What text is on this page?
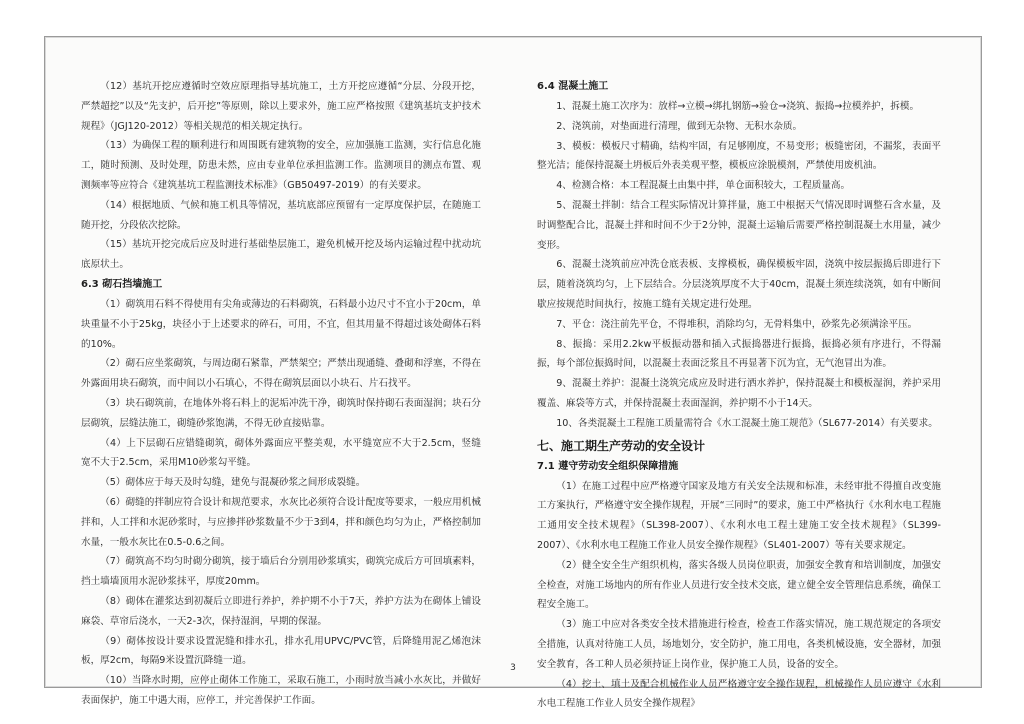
（12）基坑开挖应遵循时空效应原理指导基坑施工，土方开挖应遵循“分层、分段开挖，严禁超挖”以及“先支护，后开挖”等原则，除以上要求外，施工应严格按照《建筑基坑支护技术规程》（JGJ120-2012）等相关规范的相关规定执行。

（13）为确保工程的顺利进行和周围既有建筑物的安全，应加强施工监测，实行信息化施工，随时预测、及时处理，防患未然，应由专业单位承担监测工作。监测项目的测点布置、观测频率等应符合《建筑基坑工程监测技术标准》（GB50497-2019）的有关要求。

（14）根据地质、气候和施工机具等情况，基坑底部应预留有一定厚度保护层，在随施工随开挖，分段依次挖除。

（15）基坑开挖完成后应及时进行基础垫层施工，避免机械开挖及场内运输过程中扰动坑底原状土。

6.3 砌石挡墙施工

（1）砌筑用石料不得使用有尖角或薄边的石料砌筑，石料最小边尺寸不宜小于20cm，单块重量不小于25kg，块径小于上述要求的碎石，可用，不宜，但其用量不得超过该处砌体石料的10%。

（2）砌石应坐浆砌筑，与周边砌石紧靠，严禁架空；严禁出现通缝、叠砌和浮塞，不得在外露面用块石砌筑，而中间以小石填心，不得在砌筑层面以小块石、片石找平。

（3）块石砌筑前，在地体外将石料上的泥垢冲洗干净，砌筑时保持砌石表面湿润；块石分层砌筑，层缝法施工，砌缝砂浆饱满，不得无砂直接贴靠。

（4）上下层砌石应错缝砌筑，砌体外露面应平整美观，水平缝宽应不大于2.5cm，竖缝宽不大于2.5cm，采用M10砂浆勾平缝。

（5）砌体应于每天及时勾缝，建免与混凝砂浆之间形成裂缝。

（6）砌缝的拌制应符合设计和规范要求，水灰比必须符合设计配度等要求，一般应用机械拌和，人工拌和水泥砂浆时，与应掺拌砂浆数量不少于3到4，拌和颜色均匀为止，严格控制加水量，一般水灰比在0.5-0.6之间。

（7）砌筑高不均匀时砌分砌筑，接于墙后台分别用砂浆填实，砌筑完成后方可回填素料，挡土墙墙顶用水泥砂浆抹平，厚度20mm。

（8）砌体在灌浆达到初凝后立即进行养护，养护期不小于7天，养护方法为在砌体上铺设麻袋、草帘后浇水，一天2-3次，保持湿润，早期的保湿。

（9）砌体按设计要求设置泥缝和排水孔，排水孔用UPVC/PVC管，后降缝用泥乙烯泡沫板，厚2cm，每隔9米设置沉降缝一道。

（10）当降水时期，应停止砌体工作施工，采取石施工，小雨时放当减小水灰比，并做好表面保护，施工中遇大雨，应停工，并完善保护工作面。

6.4 混凝土施工

1、混凝土施工次序为：放样→立模→绑扎钢筋→验仓→浇筑、振捣→拉模养护，拆模。

2、浇筑前，对垫面进行清理，做到无杂物、无积水杂质。

3、模板：模板尺寸精确，结构牢固，有足够刚度，不易变形；板缝密闭，不漏浆，表面平整光洁；能保持混凝土坍板后外表美观平整，模板应涂脱模剂，严禁使用废机油。

4、检测合格：本工程混凝土由集中拌，单仓面积较大，工程质量高。

5、混凝土拌制：结合工程实际情况计算拌量，施工中根据天气情况即时调整石含水量，及时调整配合比，混凝土拌和时间不少于2分钟，混凝土运输后需要严格控制混凝土水用量，减少变形。

6、混凝土浇筑前应冲洗仓底表板、支撑模板，确保模板牢固，浇筑中按层振捣后即进行下层，随着浇筑均匀，上下层结合。分层浇筑厚度不大于40cm，混凝土须连续浇筑，如有中断间歇应按规范时间执行，按施工缝有关规定进行处理。

7、平仓：浇注前先平仓，不得堆积，消除均匀，无骨料集中，砂浆先必须满涂平压。

8、振捣：采用2.2kw平板振动器和插入式振捣器进行振捣，振捣必须有序进行，不得漏振，每个部位振捣时间，以混凝土表面泛浆且不再显著下沉为宜，无气泡冒出为准。

9、混凝土养护：混凝土浇筑完成应及时进行洒水养护，保持混凝土和模板湿润，养护采用覆盖、麻袋等方式，并保持混凝土表面湿润，养护期不小于14天。

10、各类混凝土工程施工质量需符合《水工混凝土施工规范》（SL677-2014）有关要求。

七、施工期生产劳动的安全设计
7.1 遵守劳动安全组织保障措施

（1）在施工过程中应严格遵守国家及地方有关安全法规和标准，未经审批不得擅自改变施工方案执行，严格遵守安全操作规程，开展“三同时”的要求，施工中严格执行《水利水电工程施工通用安全技术规程》（SL398-2007）、《水利水电工程土建施工安全技术规程》（SL399-2007）、《水利水电工程施工作业人员安全操作规程》（SL401-2007）等有关要求规定。

（2）健全安全生产组织机构，落实各级人员岗位职责，加强安全教育和培训制度，加强安全检查，对施工场地内的所有作业人员进行安全技术交底，建立健全安全管理信息系统，确保工程安全施工。

（3）施工中应对各类安全技术措施进行检查，检查工作落实情况，施工规范规定的各项安全措施，认真对待施工人员，场地划分，安全防护，施工用电，各类机械设施，安全器材，加强安全教育，各工种人员必须持证上岗作业，保护施工人员，设备的安全。

（4）挖土、填土及配合机械作业人员严格遵守安全操作规程，机械操作人员应遵守《水利水电工程施工作业人员安全操作规程》

3
